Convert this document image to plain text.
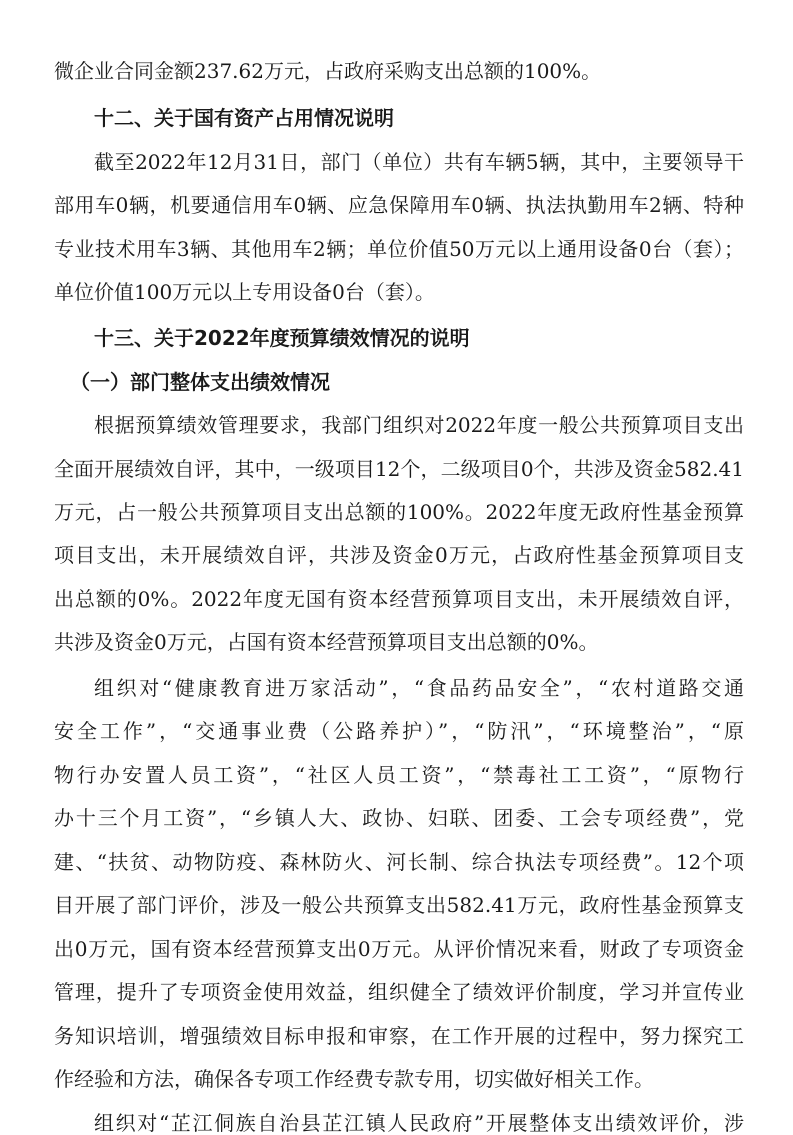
微企业合同金额237.62万元，占政府采购支出总额的100%。
十二、关于国有资产占用情况说明
截至2022年12月31日，部门（单位）共有车辆5辆，其中，主要领导干
部用车0辆，机要通信用车0辆、应急保障用车0辆、执法执勤用车2辆、特种
专业技术用车3辆、其他用车2辆；单位价值50万元以上通用设备0台（套）；
单位价值100万元以上专用设备0台（套）。
十三、关于2022年度预算绩效情况的说明
（一）部门整体支出绩效情况
根据预算绩效管理要求，我部门组织对2022年度一般公共预算项目支出
全面开展绩效自评，其中，一级项目12个，二级项目0个，共涉及资金582.41
万元，占一般公共预算项目支出总额的100%。2022年度无政府性基金预算
项目支出，未开展绩效自评，共涉及资金0万元，占政府性基金预算项目支
出总额的0%。2022年度无国有资本经营预算项目支出，未开展绩效自评，
共涉及资金0万元，占国有资本经营预算项目支出总额的0%。
组织对“健康教育进万家活动”，“食品药品安全”，“农村道路交通
安全工作”，“交通事业费（公路养护）”，“防汛”，“环境整治”，“原
物行办安置人员工资”，“社区人员工资”，“禁毒社工工资”，“原物行
办十三个月工资”，“乡镇人大、政协、妇联、团委、工会专项经费”，党
建、“扶贫、动物防疫、森林防火、河长制、综合执法专项经费”。12个项
目开展了部门评价，涉及一般公共预算支出582.41万元，政府性基金预算支
出0万元，国有资本经营预算支出0万元。从评价情况来看，财政了专项资金
管理，提升了专项资金使用效益，组织健全了绩效评价制度，学习并宣传业
务知识培训，增强绩效目标申报和审察，在工作开展的过程中，努力探究工
作经验和方法，确保各专项工作经费专款专用，切实做好相关工作。
组织对“芷江侗族自治县芷江镇人民政府”开展整体支出绩效评价，涉
